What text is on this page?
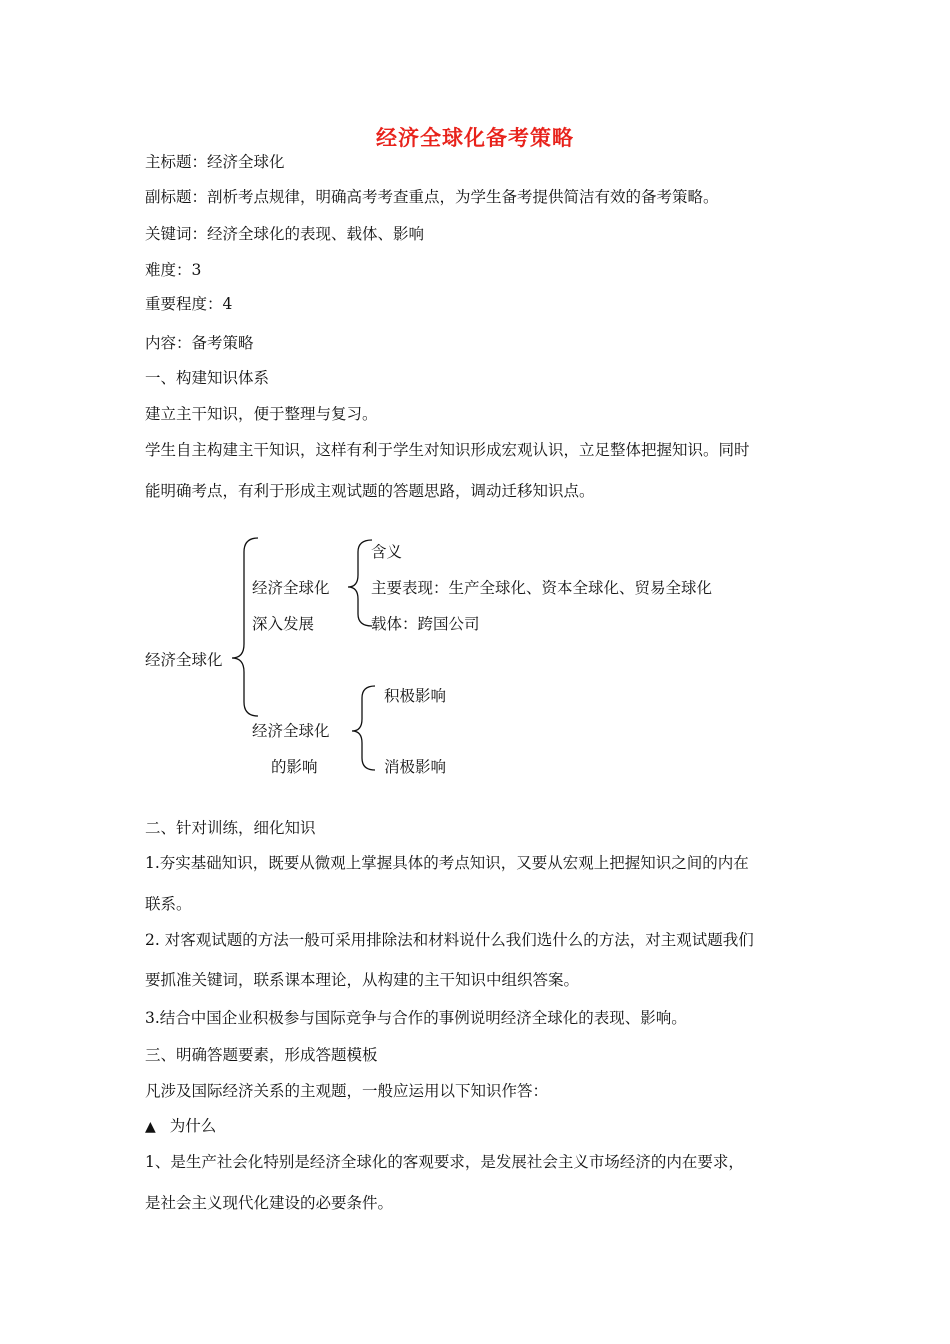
经济全球化备考策略
主标题：经济全球化
副标题：剖析考点规律，明确高考考查重点，为学生备考提供简洁有效的备考策略。
关键词：经济全球化的表现、载体、影响
难度：3
重要程度：4
内容：备考策略
一、构建知识体系
建立主干知识，便于整理与复习。
学生自主构建主干知识，这样有利于学生对知识形成宏观认识，立足整体把握知识。同时
能明确考点，有利于形成主观试题的答题思路，调动迁移知识点。
经济全球化
经济全球化
深入发展
含义
主要表现：生产全球化、资本全球化、贸易全球化
载体：跨国公司
经济全球化
的影响
积极影响
消极影响
二、针对训练，细化知识
1.夯实基础知识，既要从微观上掌握具体的考点知识，又要从宏观上把握知识之间的内在
联系。
2. 对客观试题的方法一般可采用排除法和材料说什么我们选什么的方法，对主观试题我们
要抓准关键词，联系课本理论，从构建的主干知识中组织答案。
3.结合中国企业积极参与国际竞争与合作的事例说明经济全球化的表现、影响。
三、明确答题要素，形成答题模板
凡涉及国际经济关系的主观题，一般应运用以下知识作答：
▲ 为什么
1、是生产社会化特别是经济全球化的客观要求，是发展社会主义市场经济的内在要求，
是社会主义现代化建设的必要条件。
